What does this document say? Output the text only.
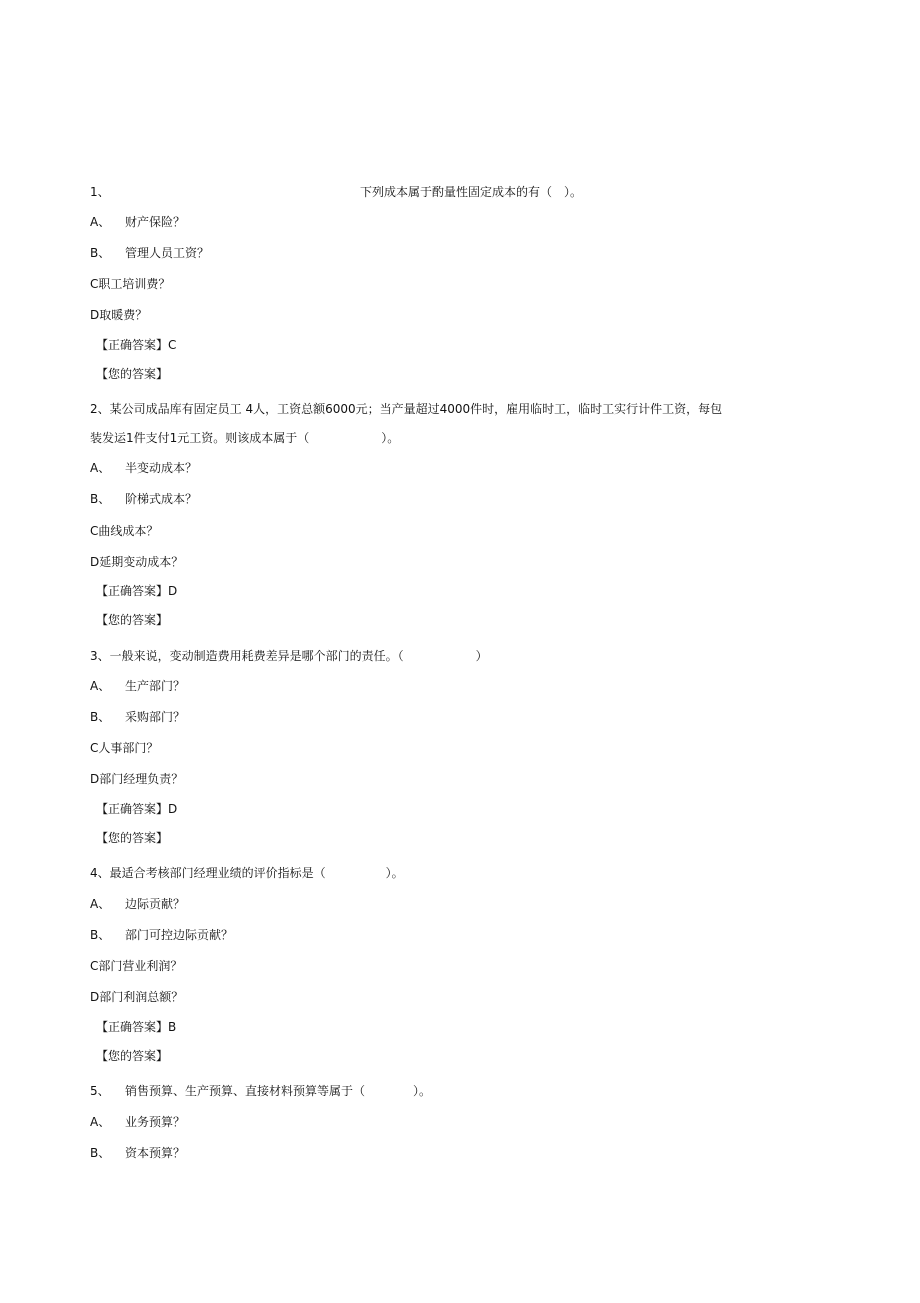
1、	下列成本属于酌量性固定成本的有（　）。
A、 财产保险？
B、 管理人员工资？
C职工培训费？
D取暖费？
【正确答案】C
【您的答案】
2、某公司成品库有固定员工 4人，工资总额6000元；当产量超过4000件时，雇用临时工，临时工实行计件工资，每包
装发运1件支付1元工资。则该成本属于（　　　　　　）。
A、 半变动成本？
B、 阶梯式成本？
C曲线成本？
D延期变动成本？
【正确答案】D
【您的答案】
3、一般来说，变动制造费用耗费差异是哪个部门的责任。（　　　　　　）
A、 生产部门？
B、 采购部门？
C人事部门？
D部门经理负责？
【正确答案】D
【您的答案】
4、最适合考核部门经理业绩的评价指标是（　　　　　）。
A、 边际贡献？
B、 部门可控边际贡献？
C部门营业利润？
D部门利润总额？
【正确答案】B
【您的答案】
5、 销售预算、生产预算、直接材料预算等属于（　　　　）。
A、 业务预算？
B、 资本预算？
